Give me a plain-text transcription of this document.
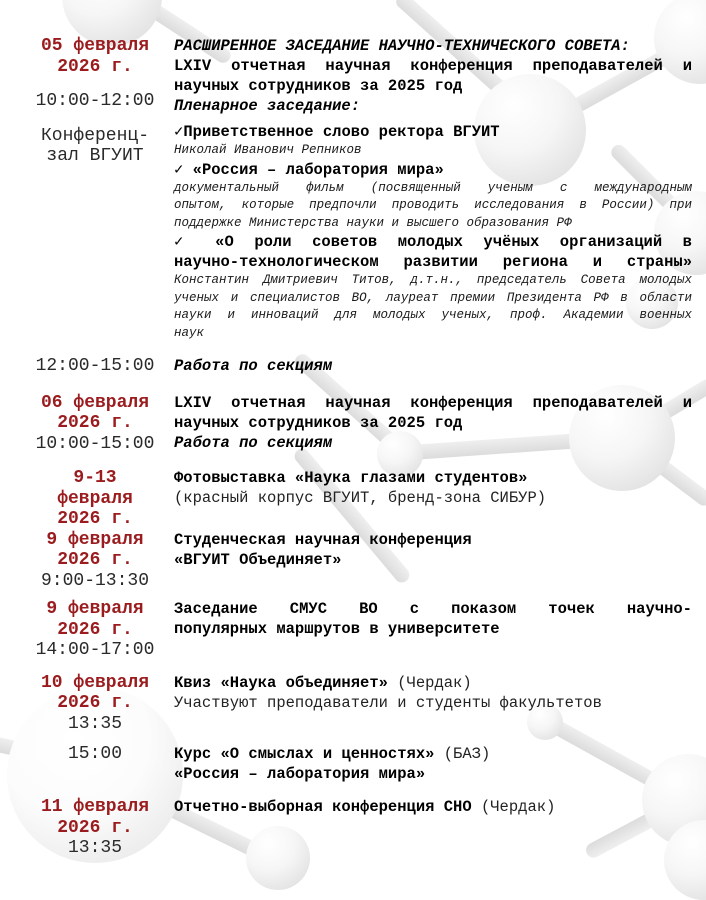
05 февраля
2026 г.
10:00-12:00
Конференц-
зал ВГУИТ
РАСШИРЕННОЕ ЗАСЕДАНИЕ НАУЧНО-ТЕХНИЧЕСКОГО СОВЕТА:
LXIV отчетная научная конференция преподавателей и
научных сотрудников за 2025 год
Пленарное заседание:
✓Приветственное слово ректора ВГУИТ
Николай Иванович Репников
✓ «Россия – лаборатория мира»
документальный фильм (посвященный ученым с международным
опытом, которые предпочли проводить исследования в России) при
поддержке Министерства науки и высшего образования РФ
✓ «О роли советов молодых учёных организаций в
научно-технологическом развитии региона и страны»
Константин Дмитриевич Титов, д.т.н., председатель Совета молодых
ученых и специалистов ВО, лауреат премии Президента РФ в области
науки и инноваций для молодых ученых, проф. Академии военных
наук
12:00-15:00	Работа по секциям
06 февраля
2026 г.
10:00-15:00
LXIV отчетная научная конференция преподавателей и
научных сотрудников за 2025 год
Работа по секциям
9-13
февраля
2026 г.
Фотовыставка «Наука глазами студентов»
(красный корпус ВГУИТ, бренд-зона СИБУР)
9 февраля
2026 г.
9:00-13:30
Студенческая научная конференция
«ВГУИТ Объединяет»
9 февраля
2026 г.
14:00-17:00
Заседание СМУС ВО с показом точек научно-
популярных маршрутов в университете
10 февраля
2026 г.
13:35
Квиз «Наука объединяет» (Чердак)
Участвуют преподаватели и студенты факультетов
15:00	Курс «О смыслах и ценностях» (БАЗ)
«Россия – лаборатория мира»
11 февраля
2026 г.
13:35
Отчетно-выборная конференция СНО (Чердак)
